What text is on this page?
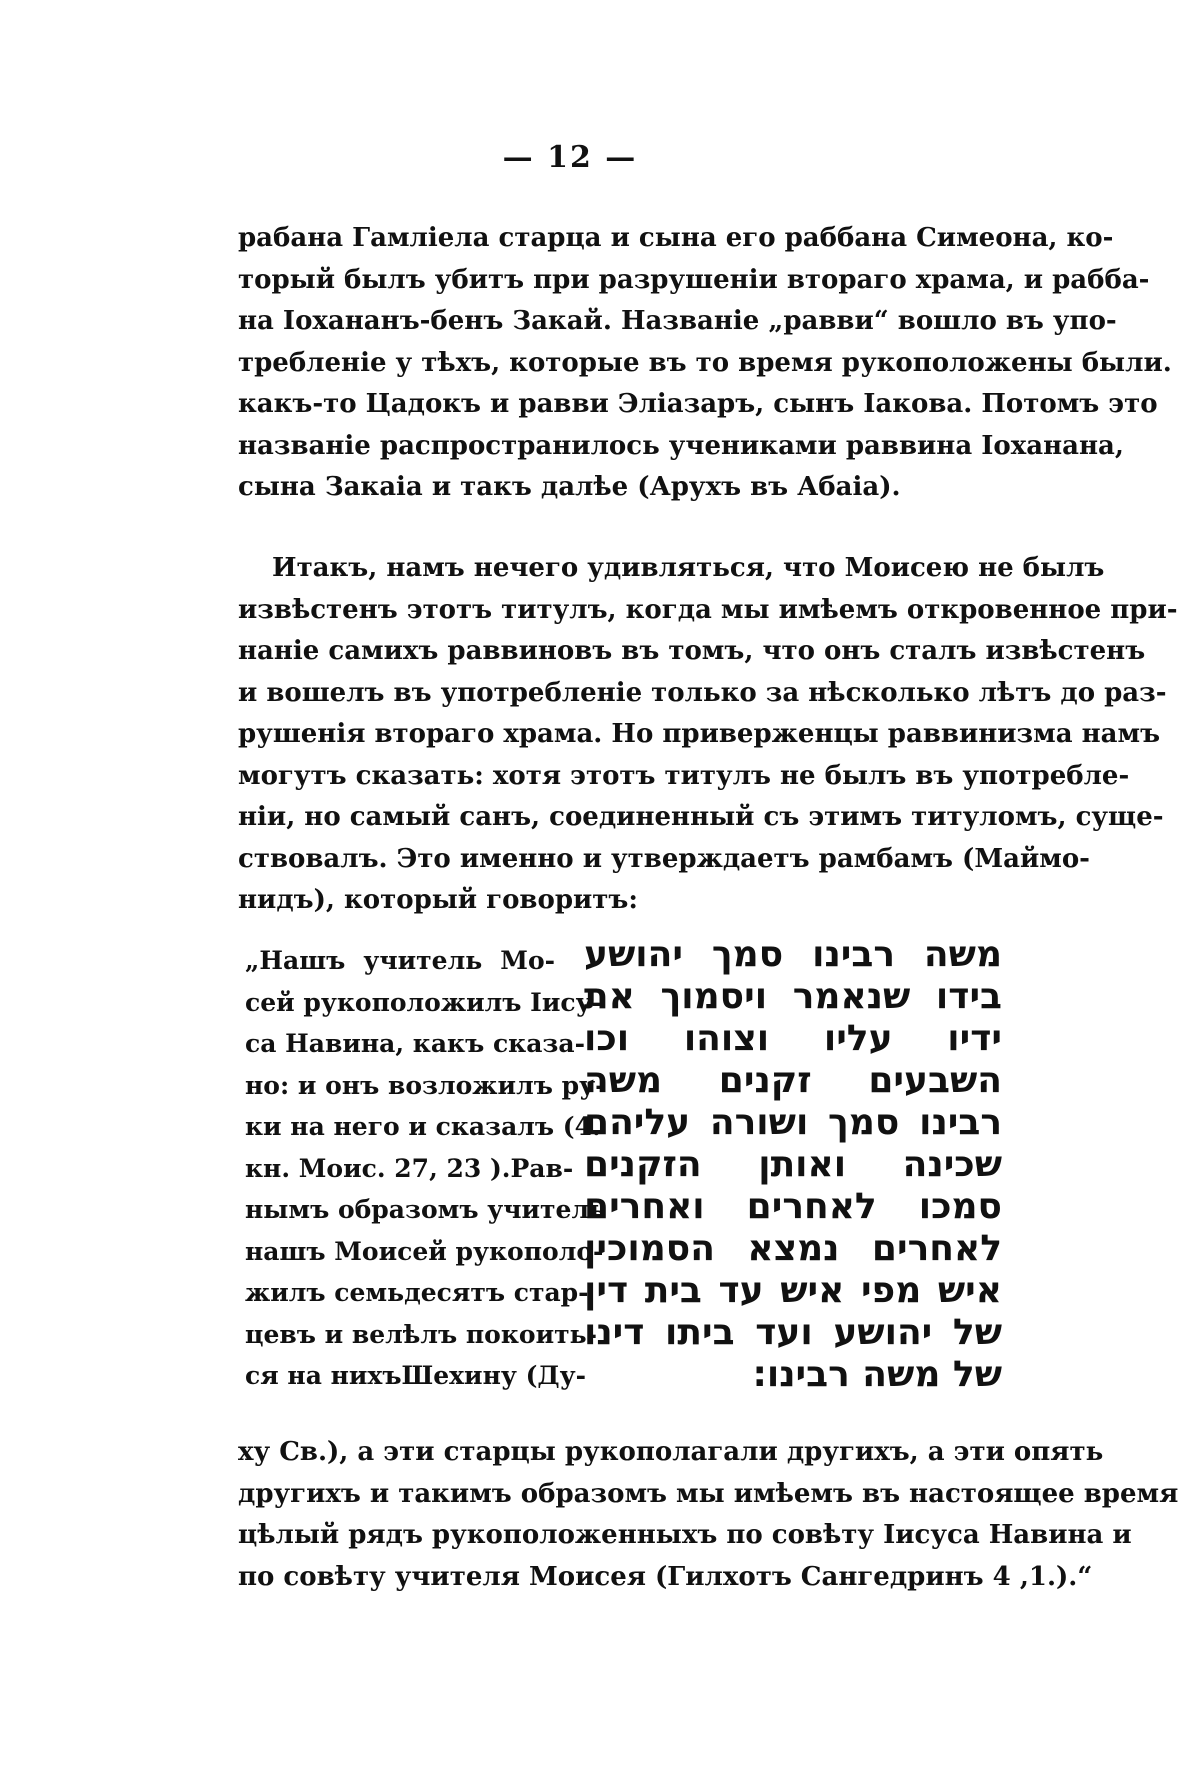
— 12 —
рабана Гамліела старца и сына его раббана Симеона, ко-
торый былъ убитъ при разрушеніи втораго храма, и рабба-
на Іохананъ-бенъ Закай. Названіе „равви“ вошло въ упо-
требленіе у тѣхъ, которые въ то время рукоположены были.
какъ-то Цадокъ и равви Эліазаръ, сынъ Іакова. Потомъ это
названіе распространилось учениками раввина Іоханана,
сына Закаіа и такъ далѣе (Арухъ въ Абаіа).
Итакъ, намъ нечего удивляться, что Моисею не былъ
извѣстенъ этотъ титулъ, когда мы имѣемъ откровенное при-
наніе самихъ раввиновъ въ томъ, что онъ сталъ извѣстенъ
и вошелъ въ употребленіе только за нѣсколько лѣтъ до раз-
рушенія втораго храма. Но приверженцы раввинизма намъ
могутъ сказать: хотя этотъ титулъ не былъ въ употребле-
ніи, но самый санъ, соединенный съ этимъ титуломъ, суще-
ствовалъ. Это именно и утверждаетъ рамбамъ (Маймо-
нидъ), который говоритъ:
„Нашъ учитель Мо-
сей рукоположилъ Іису-
са Навина, какъ сказа-
но: и онъ возложилъ ру-
ки на него и сказалъ (4.
кн. Моис. 27, 23 ).Рав-
нымъ образомъ учитель
нашъ Моисей рукополо-
жилъ семьдесятъ стар-
цевъ и велѣлъ покоить-
ся на нихъШехину (Ду-
משה רבינו סמך יהושע
בידו שנאמר ויסמוך את
ידיו עליו וצוהו וכו
השבעים זקנים משה
רבינו סמך ושורה עליהם
שכינה ואותן הזקנים
סמכו לאחרים ואחרים
לאחרים נמצא הסמוכין
איש מפי איש עד בית דין
של יהושע ועד ביתו דינו
של משה רבינו:
ху Св.), а эти старцы рукополагали другихъ, а эти опять
другихъ и такимъ образомъ мы имѣемъ въ настоящее время
цѣлый рядъ рукоположенныхъ по совѣту Іисуса Навина и
по совѣту учителя Моисея (Гилхотъ Сангедринъ 4 ,1.).“
